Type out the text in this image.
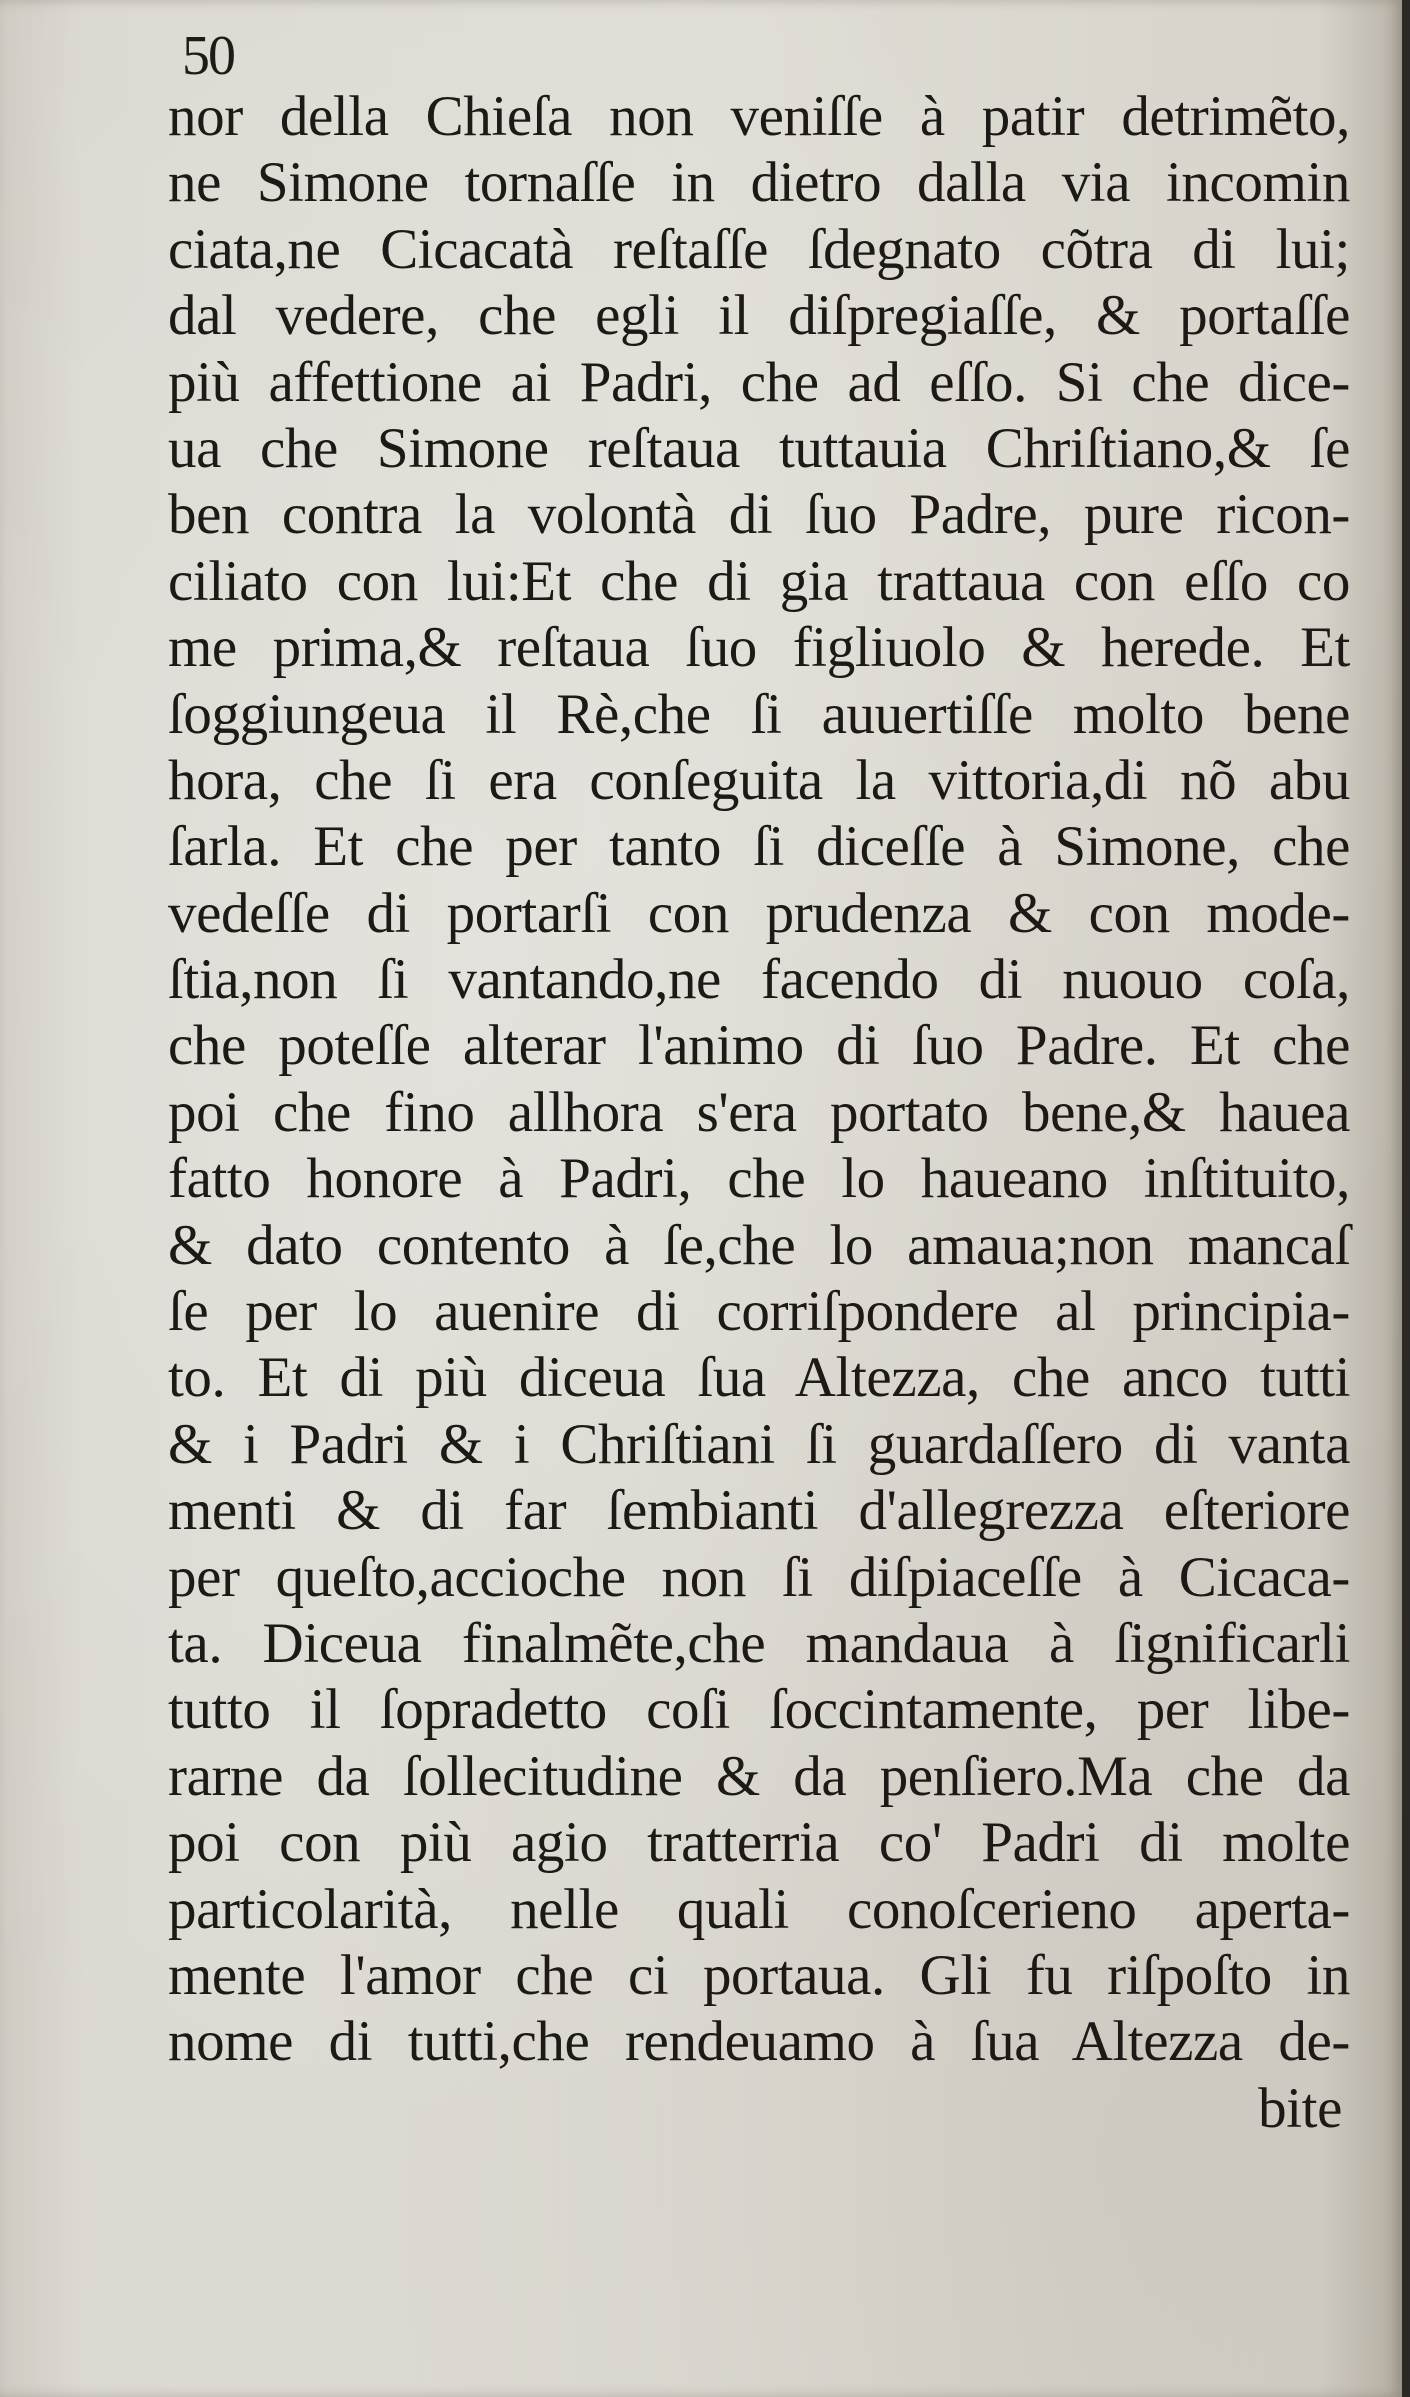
50
nor della Chieſa non veniſſe à patir detrimẽto,
ne Simone tornaſſe in dietro dalla via incomin
ciata,ne Cicacatà reſtaſſe ſdegnato cõtra di lui;
dal vedere, che egli il diſpregiaſſe, & portaſſe
più affettione ai Padri, che ad eſſo. Si che dice-
ua che Simone reſtaua tuttauia Chriſtiano,& ſe
ben contra la volontà di ſuo Padre, pure ricon-
ciliato con lui:Et che di gia trattaua con eſſo co
me prima,& reſtaua ſuo figliuolo & herede. Et
ſoggiungeua il Rè,che ſi auuertiſſe molto bene
hora, che ſi era conſeguita la vittoria,di nõ abu
ſarla. Et che per tanto ſi diceſſe à Simone, che
vedeſſe di portarſi con prudenza & con mode-
ſtia,non ſi vantando,ne facendo di nuouo coſa,
che poteſſe alterar l'animo di ſuo Padre. Et che
poi che fino allhora s'era portato bene,& hauea
fatto honore à Padri, che lo haueano inſtituito,
& dato contento à ſe,che lo amaua;non mancaſ
ſe per lo auenire di corriſpondere al principia-
to. Et di più diceua ſua Altezza, che anco tutti
& i Padri & i Chriſtiani ſi guardaſſero di vanta
menti & di far ſembianti d'allegrezza eſteriore
per queſto,accioche non ſi diſpiaceſſe à Cicaca-
ta. Diceua finalmẽte,che mandaua à ſignificarli
tutto il ſopradetto coſi ſoccintamente, per libe-
rarne da ſollecitudine & da penſiero.Ma che da
poi con più agio tratterria co' Padri di molte
particolarità, nelle quali conoſcerieno aperta-
mente l'amor che ci portaua. Gli fu riſpoſto in
nome di tutti,che rendeuamo à ſua Altezza de-
bite
